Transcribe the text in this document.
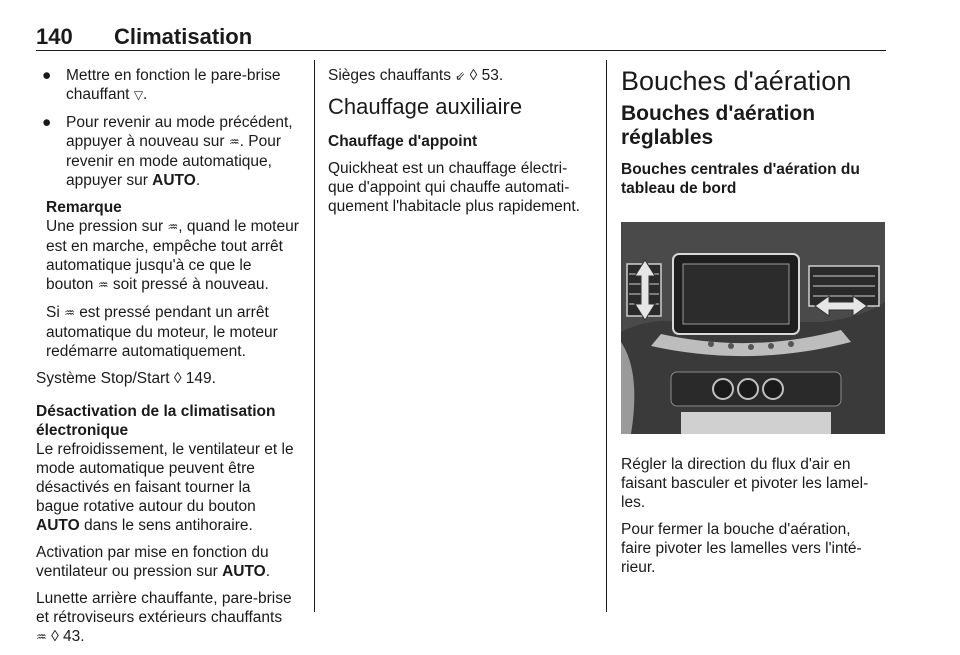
140 Climatisation
● Mettre en fonction le pare-brise
chauffant ▽.
● Pour revenir au mode précédent,
appuyer à nouveau sur ♒. Pour
revenir en mode automatique,
appuyer sur AUTO.
Remarque
Une pression sur ♒, quand le moteur
est en marche, empêche tout arrêt
automatique jusqu'à ce que le
bouton ♒ soit pressé à nouveau.
Si ♒ est pressé pendant un arrêt
automatique du moteur, le moteur
redémarre automatiquement.

Système Stop/Start ◊ 149.

Désactivation de la climatisation
électronique

Le refroidissement, le ventilateur et le
mode automatique peuvent être
désactivés en faisant tourner la
bague rotative autour du bouton
AUTO dans le sens antihoraire.

Activation par mise en fonction du
ventilateur ou pression sur AUTO.

Lunette arrière chauffante, pare-brise
et rétroviseurs extérieurs chauffants
♒ ◊ 43.

Sièges chauffants ⇙ ◊ 53.

Chauffage auxiliaire
Chauffage d'appoint

Quickheat est un chauffage électri-
que d'appoint qui chauffe automati-
quement l'habitacle plus rapidement.

Bouches d'aération
Bouches d'aération
réglables
Bouches centrales d'aération du
tableau de bord

Régler la direction du flux d'air en
faisant basculer et pivoter les lamel-
les.

Pour fermer la bouche d'aération,
faire pivoter les lamelles vers l'inté-
rieur.
